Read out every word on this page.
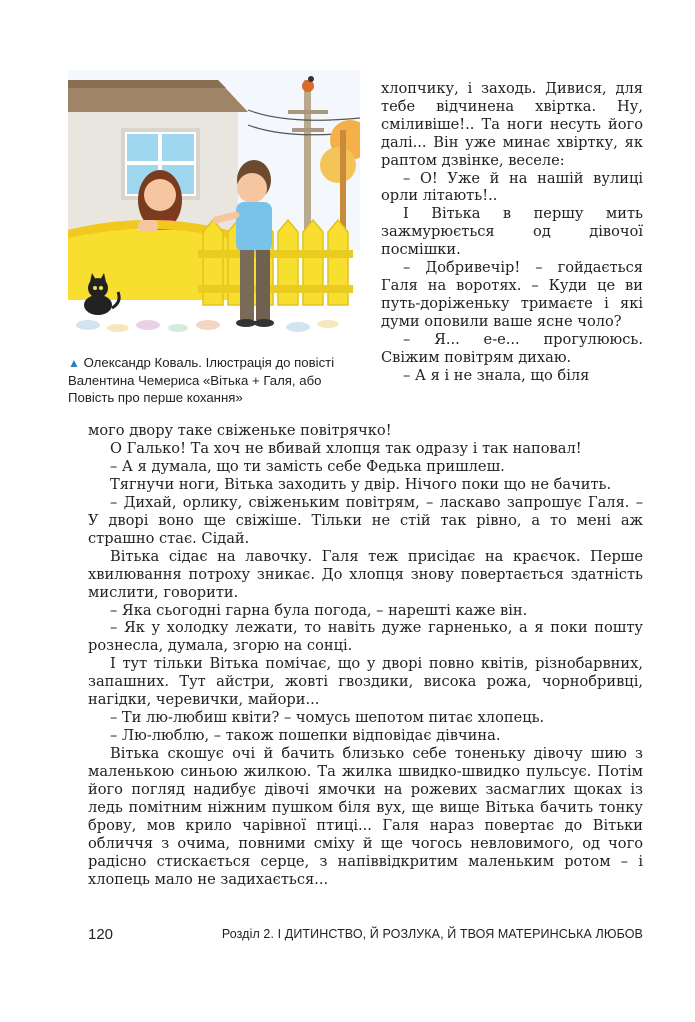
▲ Олександр Коваль. Ілюстрація до повісті Валентина Чемериса «Вітька + Галя, або Повість про перше кохання»

хлопчику, і заходь. Дивися, для тебе відчинена хвіртка. Ну, сміливіше!.. Та ноги несуть його далі... Він уже минає хвіртку, як раптом дзвінке, веселе:

– О! Уже й на нашій вулиці орли літають!..

І Вітька в першу мить зажмурюється од дівочої посмішки.

– Добривечір! – гойдається Галя на воротях. – Куди це ви путь-доріженьку тримаєте і які думи оповили ваше ясне чоло?

– Я... е-е... прогулююсь. Свіжим повітрям дихаю.

– А я і не знала, що біля

мого двору таке свіженьке повітрячко!

О Галько! Та хоч не вбивай хлопця так одразу і так наповал!

– А я думала, що ти замість себе Федька пришлеш.

Тягнучи ноги, Вітька заходить у двір. Нічого поки що не бачить.

– Дихай, орлику, свіженьким повітрям, – ласкаво запрошує Галя. – У дворі воно ще свіжіше. Тільки не стій так рівно, а то мені аж страшно стає. Сідай.

Вітька сідає на лавочку. Галя теж присідає на краєчок. Перше хвилювання потроху зникає. До хлопця знову повертається здатність мислити, говорити.

– Яка сьогодні гарна була погода, – нарешті каже він.

– Як у холодку лежати, то навіть дуже гарненько, а я поки пошту рознесла, думала, згорю на сонці.

І тут тільки Вітька помічає, що у дворі повно квітів, різнобарвних, запашних. Тут айстри, жовті гвоздики, висока рожа, чорнобривці, нагідки, черевички, майори...

– Ти лю-любиш квіти? – чомусь шепотом питає хлопець.

– Лю-люблю, – також пошепки відповідає дівчина.

Вітька скошує очі й бачить близько себе тоненьку дівочу шию з маленькою синьою жилкою. Та жилка швидко-швидко пульсує. Потім його погляд надибує дівочі ямочки на рожевих засмаглих щоках із ледь помітним ніжним пушком біля вух, ще вище Вітька бачить тонку брову, мов крило чарівної птиці... Галя нараз повертає до Вітьки обличчя з очима, повними сміху й ще чогось невловимого, од чого радісно стискається серце, з напіввідкритим маленьким ротом – і хлопець мало не задихається...

120	Розділ 2. І ДИТИНСТВО, Й РОЗЛУКА, Й ТВОЯ МАТЕРИНСЬКА ЛЮБОВ
